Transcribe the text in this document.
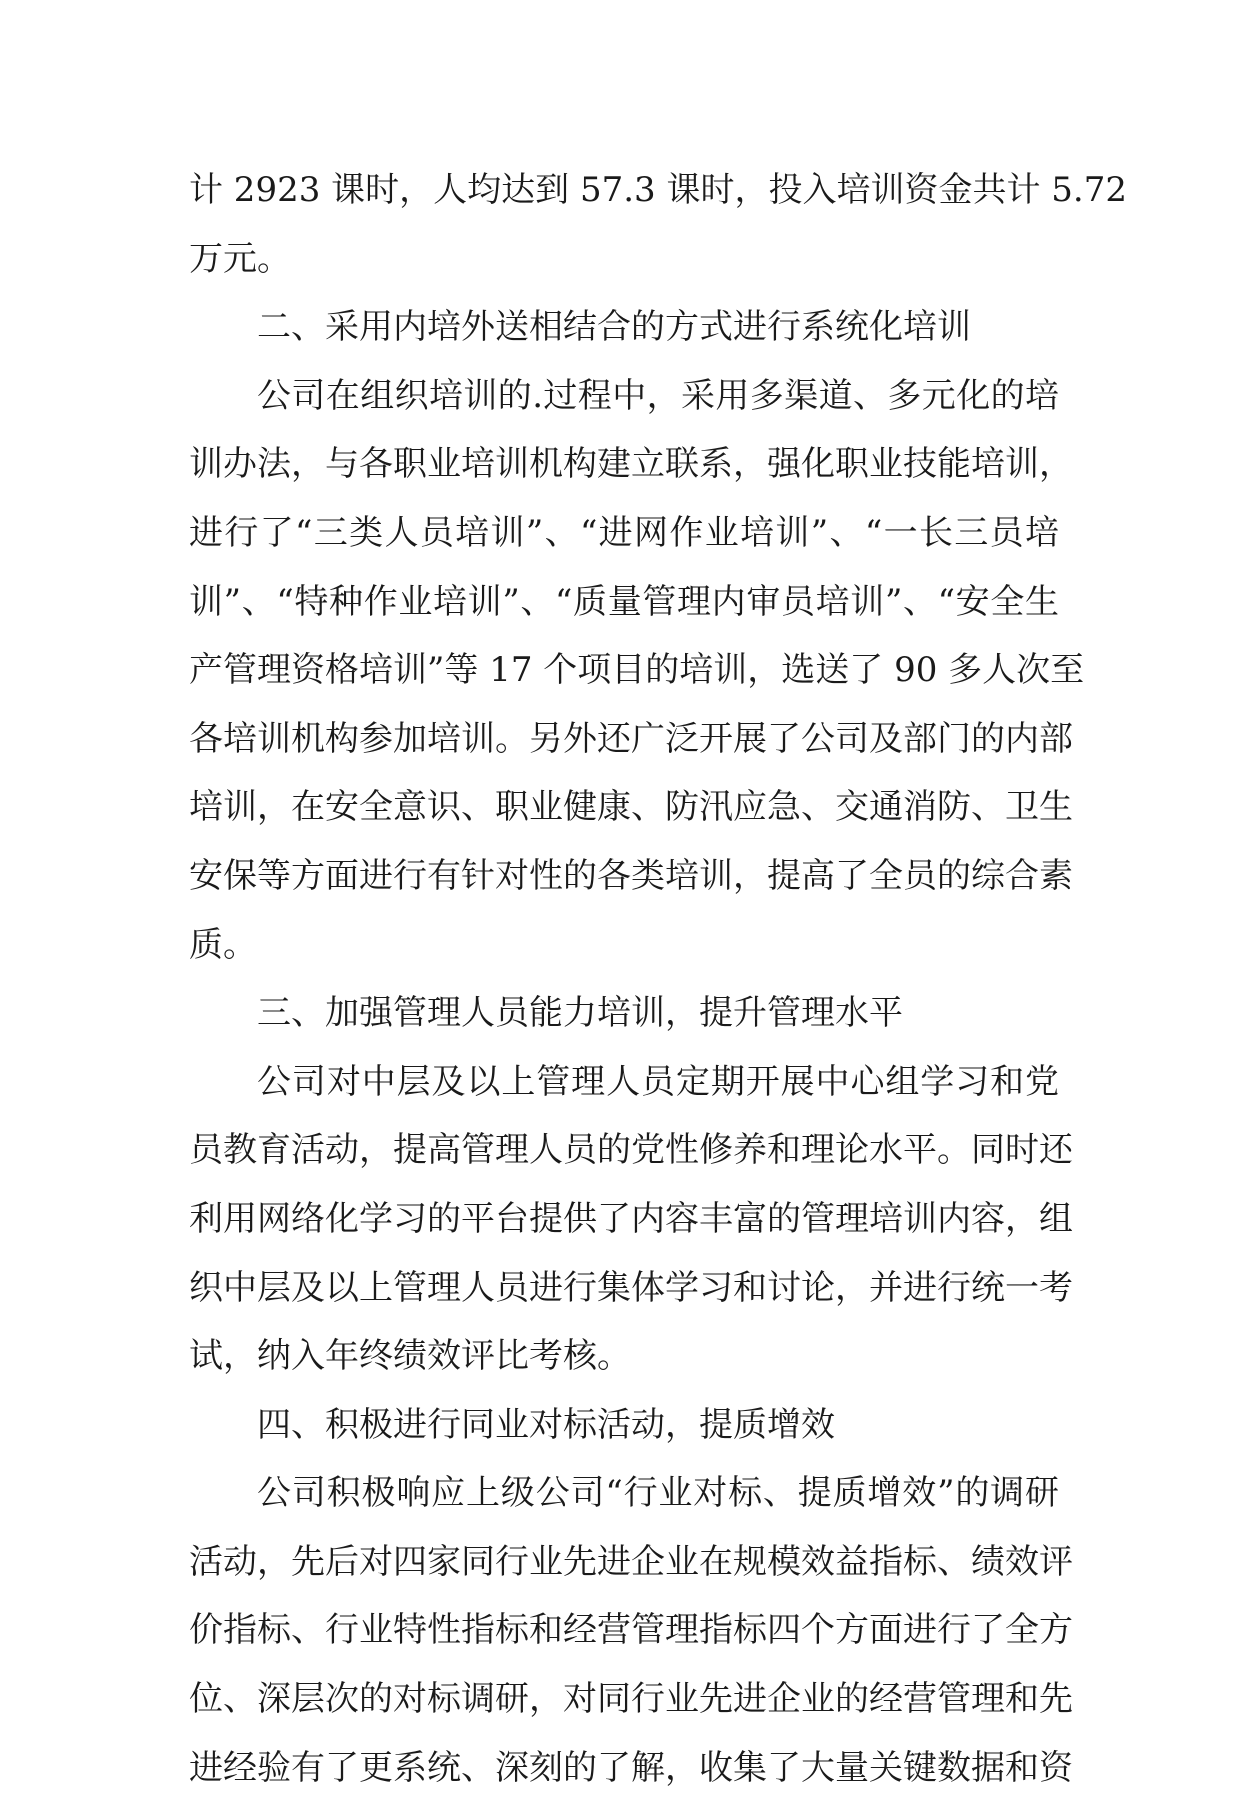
计 2923 课时，人均达到 57.3 课时，投入培训资金共计 5.72
万元。
二、采用内培外送相结合的方式进行系统化培训
公司在组织培训的.过程中，采用多渠道、多元化的培
训办法，与各职业培训机构建立联系，强化职业技能培训，
进行了“三类人员培训”、“进网作业培训”、“一长三员培
训”、“特种作业培训”、“质量管理内审员培训”、“安全生
产管理资格培训”等 17 个项目的培训，选送了 90 多人次至
各培训机构参加培训。另外还广泛开展了公司及部门的内部
培训，在安全意识、职业健康、防汛应急、交通消防、卫生
安保等方面进行有针对性的各类培训，提高了全员的综合素
质。
三、加强管理人员能力培训，提升管理水平
公司对中层及以上管理人员定期开展中心组学习和党
员教育活动，提高管理人员的党性修养和理论水平。同时还
利用网络化学习的平台提供了内容丰富的管理培训内容，组
织中层及以上管理人员进行集体学习和讨论，并进行统一考
试，纳入年终绩效评比考核。
四、积极进行同业对标活动，提质增效
公司积极响应上级公司“行业对标、提质增效”的调研
活动，先后对四家同行业先进企业在规模效益指标、绩效评
价指标、行业特性指标和经营管理指标四个方面进行了全方
位、深层次的对标调研，对同行业先进企业的经营管理和先
进经验有了更系统、深刻的了解，收集了大量关键数据和资
